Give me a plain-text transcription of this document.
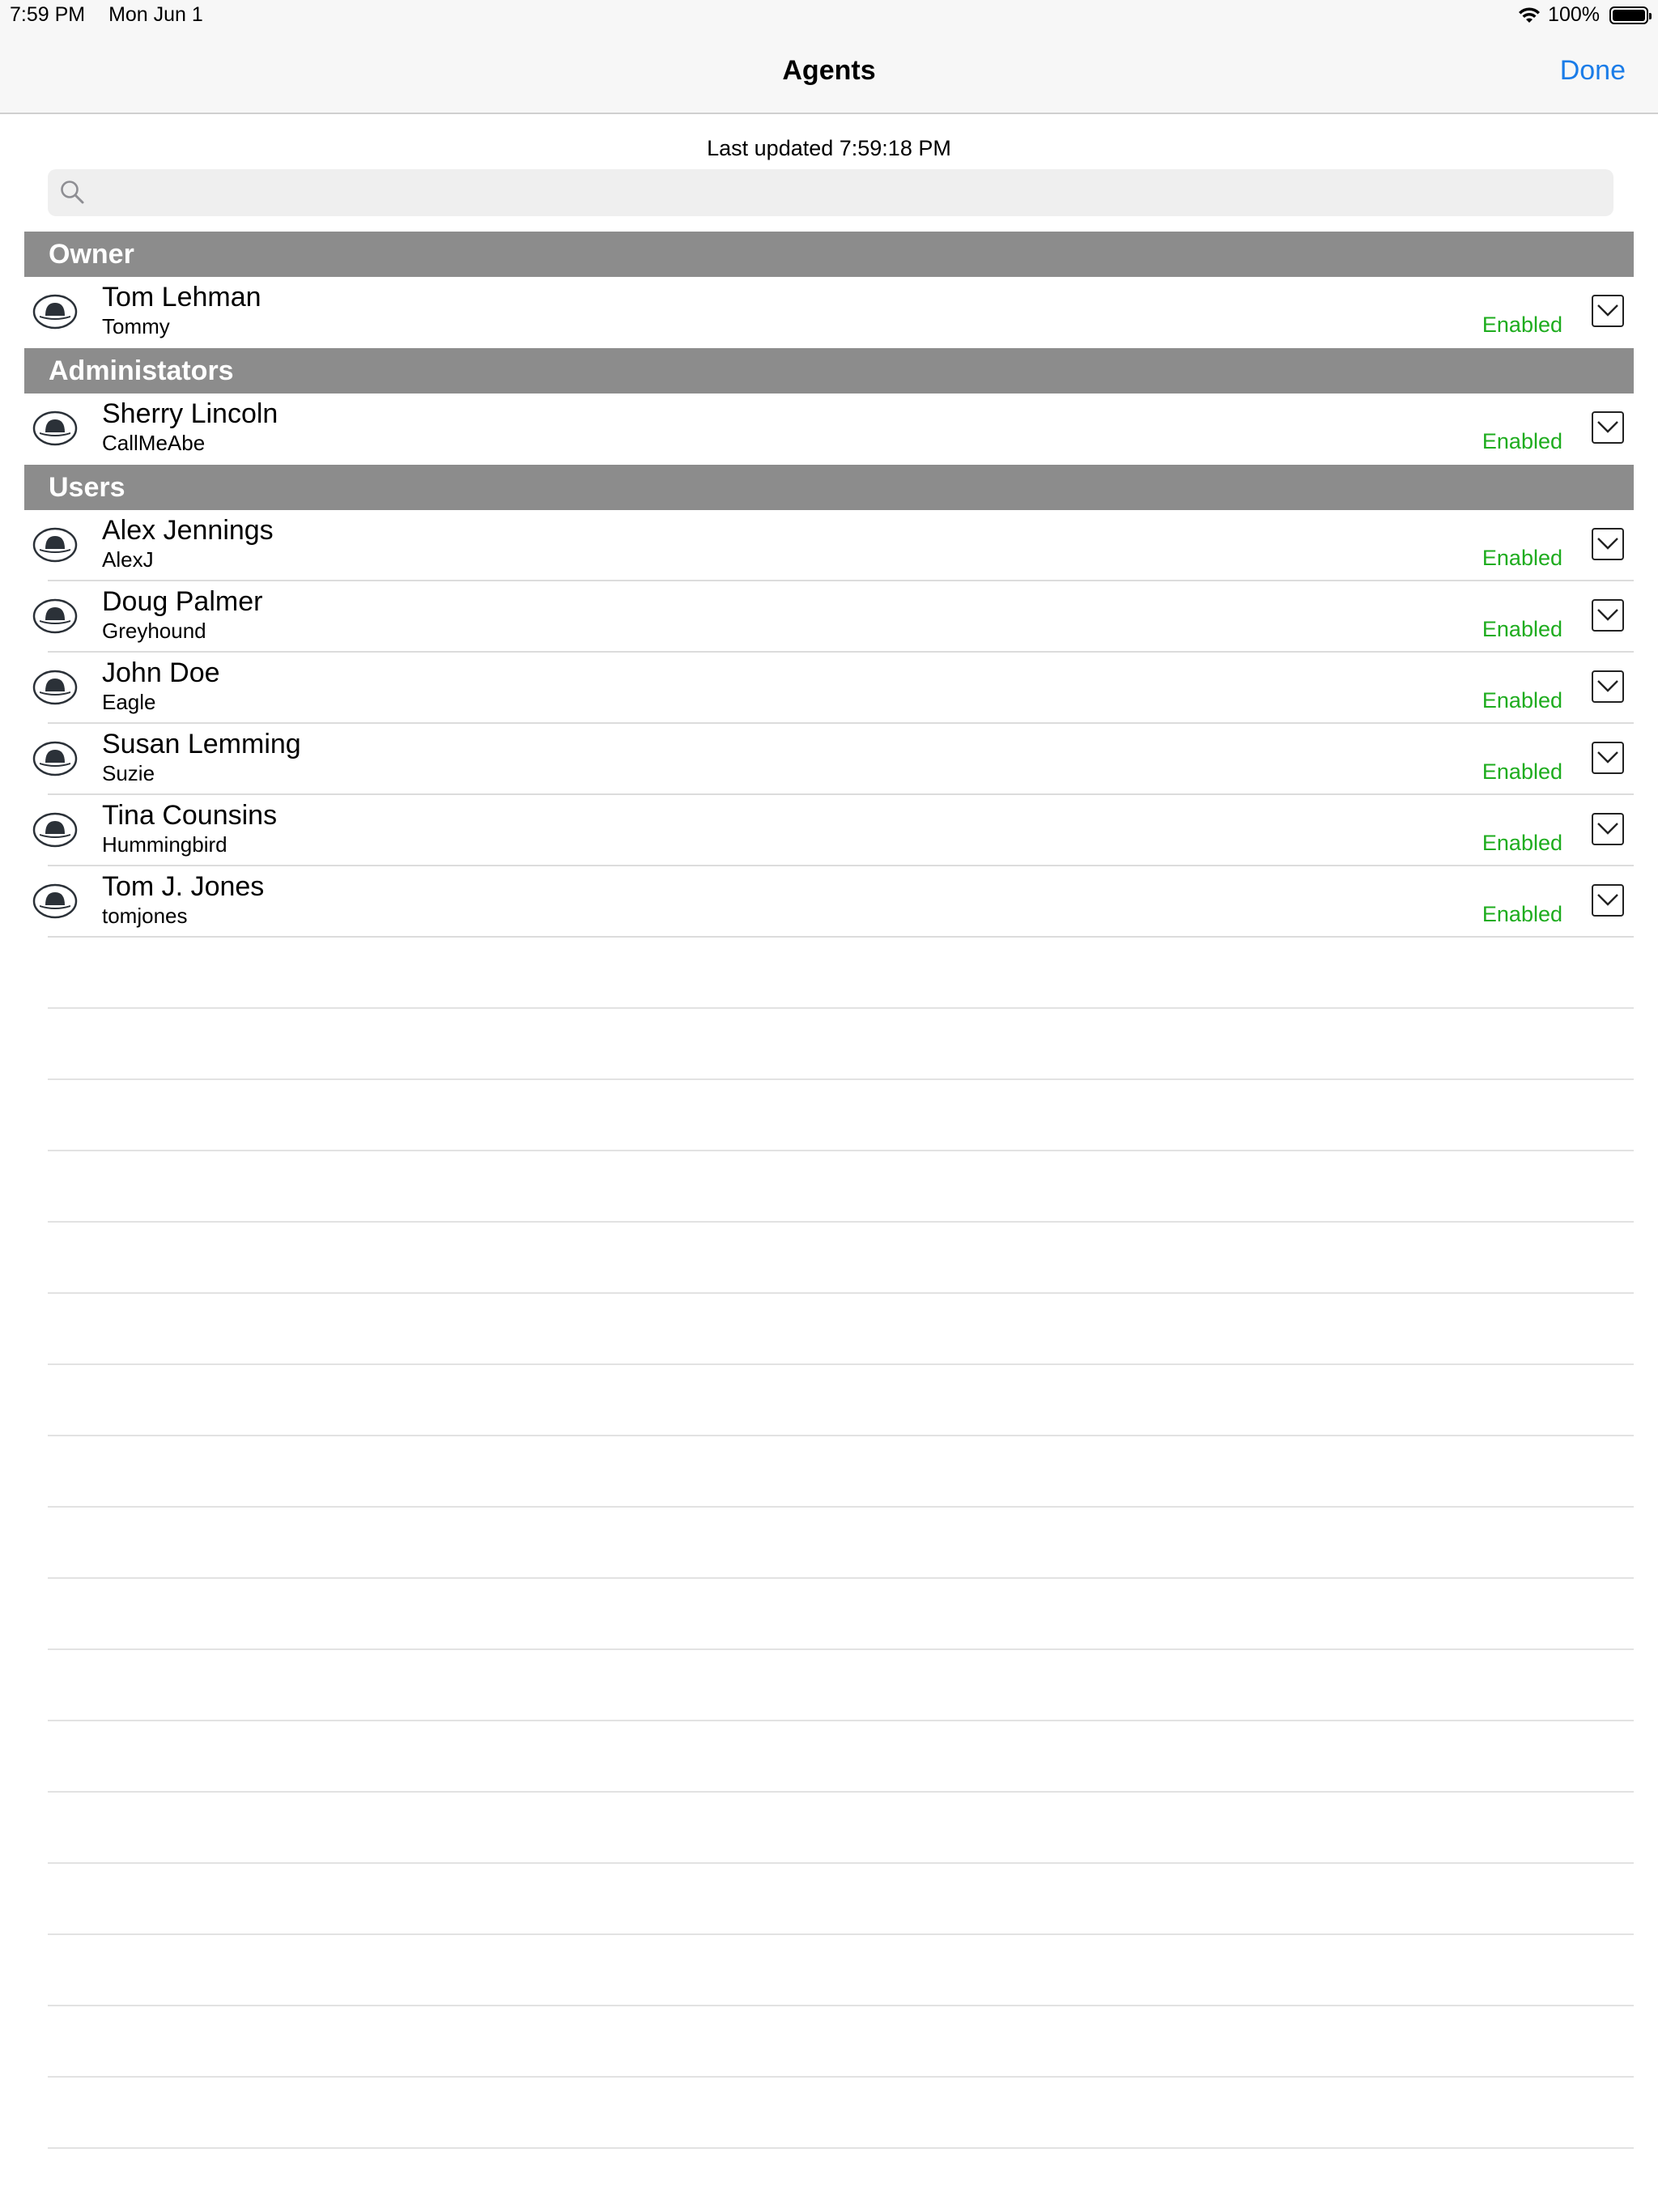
7:59 PM Mon Jun 1	100%
Agents	Done
Last updated 7:59:18 PM
Owner
Tom Lehman
Tommy	Enabled
Administators
Sherry Lincoln
CallMeAbe	Enabled
Users
Alex Jennings
AlexJ	Enabled
Doug Palmer
Greyhound	Enabled
John Doe
Eagle	Enabled
Susan Lemming
Suzie	Enabled
Tina Counsins
Hummingbird	Enabled
Tom J. Jones
tomjones	Enabled
